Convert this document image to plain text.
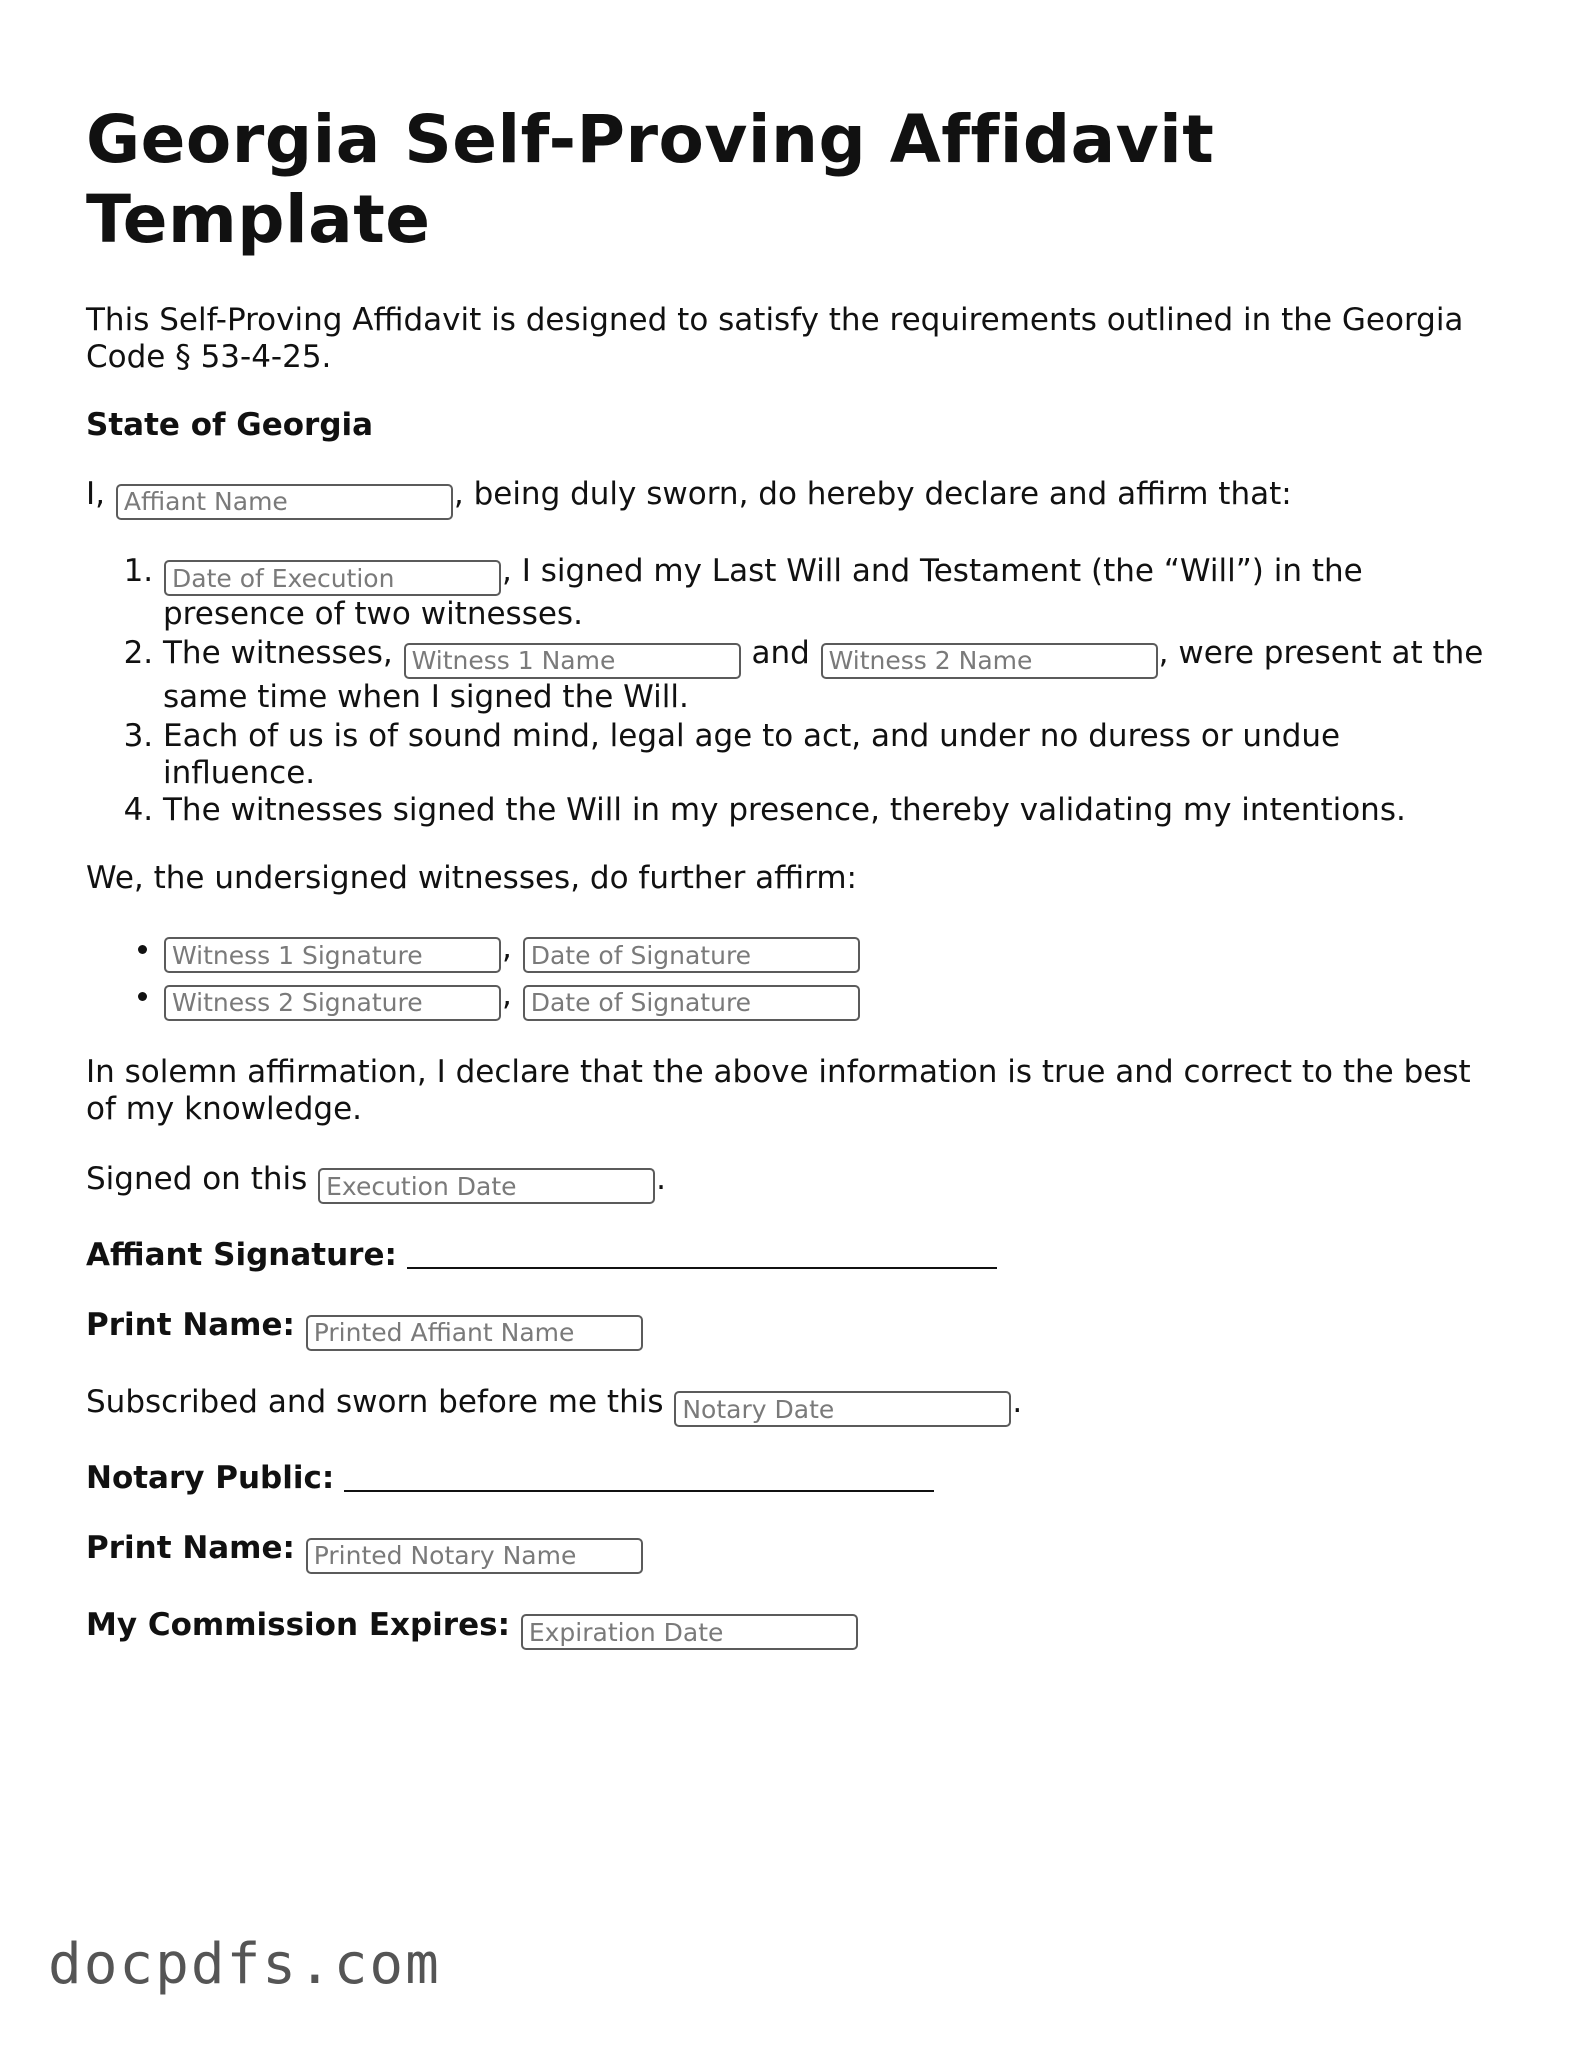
Georgia Self-Proving Affidavit Template

This Self-Proving Affidavit is designed to satisfy the requirements outlined in the Georgia Code § 53-4-25.

State of Georgia

I, Affiant Name	, being duly sworn, do hereby declare and affirm that:

Date of Execution 1. , I signed my Last Will and Testament (the “Will”) in the presence of two witnesses.
2. The witnesses, Witness 1 Name	and Witness 2 Name	, were present at the same time when I signed the Will.
3. Each of us is of sound mind, legal age to act, and under no duress or undue influence.
4. The witnesses signed the Will in my presence, thereby validating my intentions.

We, the undersigned witnesses, do further affirm:

Witness 1 Signature • , Date of Signature
Witness 2 Signature • , Date of Signature

In solemn affirmation, I declare that the above information is true and correct to the best of my knowledge.

Signed on this Execution Date	.

Affiant Signature:

Print Name: Printed Affiant Name

Subscribed and sworn before me this Notary Date	.

Notary Public:

Print Name: Printed Notary Name

My Commission Expires: Expiration Date

docpdfs.com
